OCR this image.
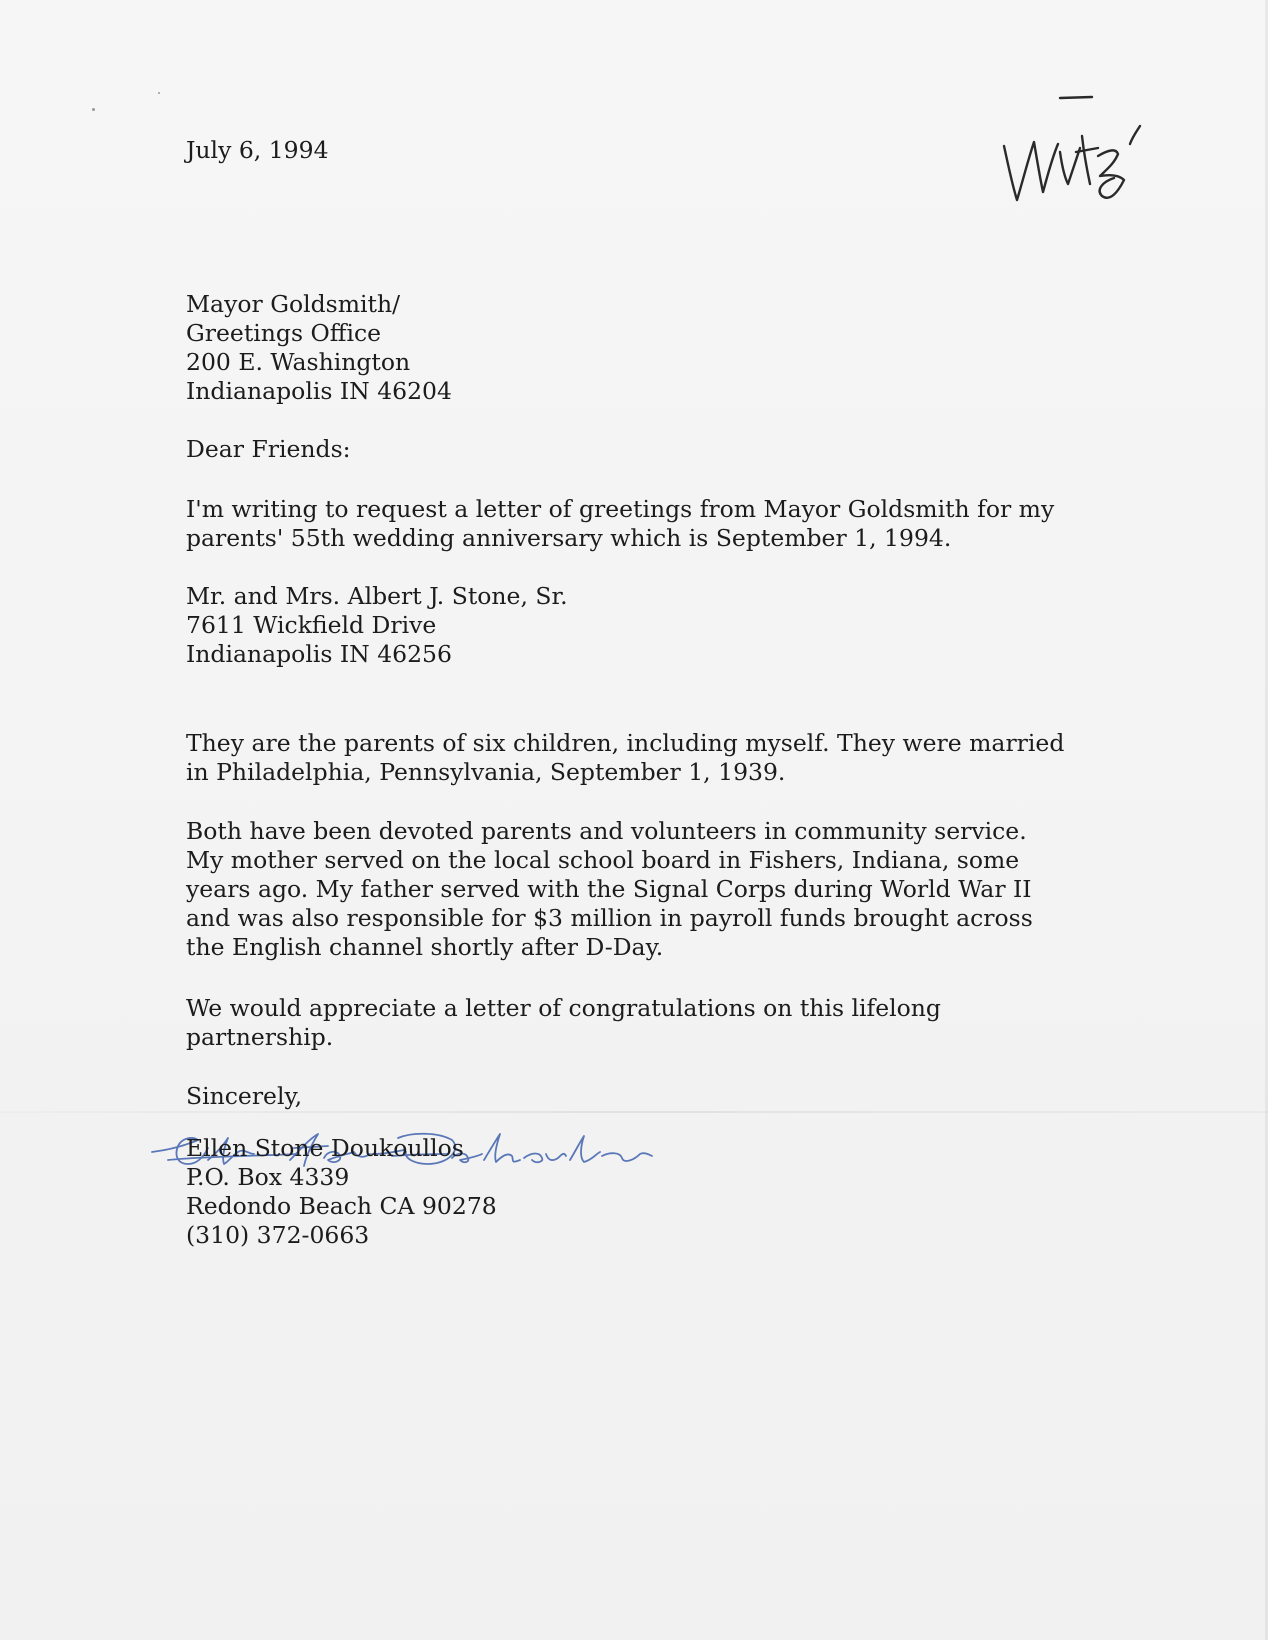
July 6, 1994

Mayor Goldsmith/

Greetings Office

200 E. Washington

Indianapolis IN 46204

Dear Friends:

I'm writing to request a letter of greetings from Mayor Goldsmith for my

parents' 55th wedding anniversary which is September 1, 1994.

Mr. and Mrs. Albert J. Stone, Sr.

7611 Wickfield Drive

Indianapolis IN 46256

They are the parents of six children, including myself. They were married

in Philadelphia, Pennsylvania, September 1, 1939.

Both have been devoted parents and volunteers in community service.

My mother served on the local school board in Fishers, Indiana, some

years ago. My father served with the Signal Corps during World War II

and was also responsible for $3 million in payroll funds brought across

the English channel shortly after D-Day.

We would appreciate a letter of congratulations on this lifelong

partnership.

Sincerely,

Ellen Stone Doukoullos

P.O. Box 4339

Redondo Beach CA 90278

(310) 372-0663
